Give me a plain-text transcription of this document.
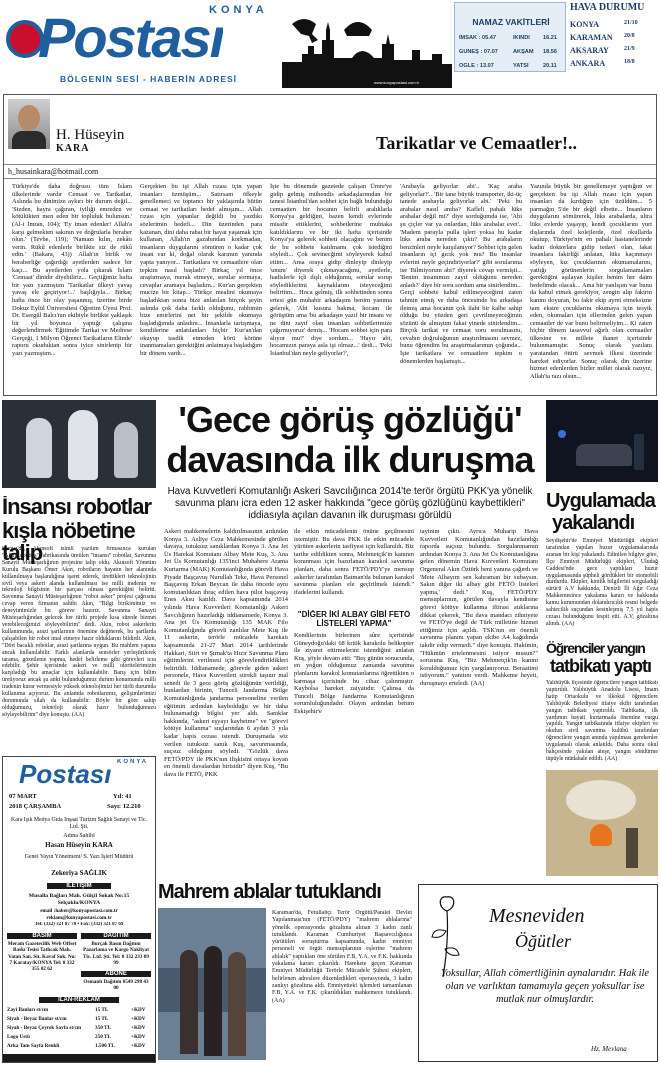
KONYA
Postası
BÖLGENİN SESİ - HABERİN ADRESİ	www.konyapostasi.com.tr
NAMAZ VAKİTLERİ
İMSAK : 05.47	İKİNDİ 16.21
GÜNEŞ : 07.07	AKŞAM 18.56
ÖĞLE : 13.07	YATSI	20.11
HAVA DURUMU
KONYA	21/10
KARAMAN 20/8
AKSARAY	21/9
ANKARA	18/8
H. Hüseyin
KARA	Tarikatlar ve Cemaatler!..
h_husainkara@hotmail.com
Türkiye'de daha doğrusu tüm İslam ülkelerinde vardır Cemaat ve Tarikatlar, Aslında bu dinimize aykırı bir durum değil... 'Sizden, hayra çağıran, iyiliği emreden ve kötülükten men eden bir topluluk bulunsun.' (Al-i İmran, 104); 'Ey iman edenler! Allah'a karşı gelmekten sakının ve doğrularla beraber olun.' (Tevbe, 119); 'Namazı kılın, zekâtı verin. Rükû edenlerle birlikte siz de rükû edin.' (Bakara, 43)) Allah'ın birlik ve beraberliğe çağırdığı ayetlerden sadece bir kaçı... Bu ayetlerden yola çıkarak İslam 'Cemaat' dinidir diyebiliriz... Geçtiğimiz hafta bir yazı yazmıştım 'Tarikatlar ülkeyi yavaş yavaş ele geçiriyor!...' başlığıyla... Birkaç hafta önce bir olay yaşanmış, üzerine birde Dokuz Eylül Üniversitesi Öğretim Üyesi Prof. Dr. Esergül Balcı'nın ekibiyle birlikte yaklaşık bir yıl boyunca yaptığı çalışma değerlendirmek 'Eğitimde Tarikat ve Medrese Gerçeği, 1 Milyon Öğrenci Tarikatların Elinde' raporu okuduktan sonra iyice sinirlenip bir yazı yazmıştım...
Gerçekten bu işi Allah rızası için yapan insanları üzmüşüm... Satırsam öfkeyle genellemeci ve toptancı bir yaklaşımla bütün cemaat ve tarikatları hedef almışım... Allah rızası için yapanlar değildi bu yazdıkı sözlerimin hedefi... Din üzerinden para kazanan, dini daha rahat bir hayat yaşamak için kullanan, Allah'ın gazabından korkmadan, insanların duygularını sömüren o kadar çok insan var ki, doğal olarak karımın yanında yapta yanıyor... Tarikatlara ve cemaatlere olan tepkim nasıl başladı? Birkaç yıl önce araştırmaya, merak etmeye, sorular sormaya, cevaplar aramaya başladım... Kur'an gerçekten mucize bir kitap... Türkçe mealini okumaya başladıktan sonra bize anlatılan birçok şeyin aslında çok daha farklı olduğunu, rabbimin bize emirlerini net bir şekilde okumaya başladığımda anladım... İnsanlarla tartışmaya, kendilerine anlatılanları hiçbir Kur'an'dan okuyup tasdik etmeden körü körüne inanmamaları gerektiğini anlatmaya başladığım bir dönem vardı...
İşte bu dönemde gazetede çalışan Ümre'ye gidip gelmiş mühendis arkadaşlarımdan bir tanesi İstanbul'dan sohbet için bağlı bulunduğu cemaatten bir hocanın belirli aralıklarla Konya'ya geldiğini, bazen kendi evlerinde misafir ettiklerini, sohbetlerine muhtaka katıldıklarını ve bir iki hafta içerisinde Konya'ya gelerek sohbeti olacağını ve benim de bu sohbete katılmamı çok istediğini söyledi... Çok sevinecğimi söyleyerek kabul ettim... Ama oraya gidip dinleyip dinleyip 'unum' diyerek çıkmayacağımı, ayetlerle, hadislerle içli dışlı olduğumu, sorular sorup söylediklerimi kaynaklarını isteyeceğimi belirttim... Hoca gelmiş, ilk sohbetinden sonra ertesi gün muhabir arkadaşım benim yanıma gelerek, 'Abi kusura bakma, hocam ile görüştüm ama 'bu arkadaşın yazıf bir insanı ve ne dini zayıf olan insanları sohbetlerimize çağırmıyoruz' demiş... 'Hocam sohbet için para alıyor mu?' diye sordum... 'Hayır abi, hocamızın paraya asla işi olmaz...' dedi... 'Peki İstanbul'dan neyle geliyorlar?',
'Arabayla geliyorlar abi'.. 'Kaç araba geliyorlar?'.. 'Bir tane büyük transporter, iki-üç tanede arabayla geliyorlar abi.' 'Peki bu arabalar nasıl anıha? Kafleli pahalı lüks arabalar değil mi?' diye sorduğumda ise, 'Abi şu çiçler var ya onlardan, lüks arabalar evet'.. 'Madem parayla pulla işleri yoksa bu kadar lüks araba nereden çıktı? Bu arabaların benzinleri neyle karşılanıyor? Sohbet için gelen insanların içi gıcık yok mu? Bu insanlar evlerini neyle geçindiriyorlar?' gibi sorularıma ise 'Bilmiyorum abi!' diyerek cevap vermişti... 'Benim insanımızı zayıf olduğunu nereden anladı?' diye bir soru sordum ama sinirlendim... Gerçi sohbete kabul edilmeyeceğimi zaten tahmin etmiş ve daha öncesinde bu arkadaşa iletmiş ama hocanın çok ilahi bir kalbe sahip olduğu bu yüzden geri çevrilmeyeceğimin sözünü de almıştım fakat yinede sinirlendim... Birçok tarikat ve cemaat soru sorulmasını, cevabın doğruluğunun araştırılmasını sevmez, bunu öğrendim bu araştırmalarımın çoğunda... İşte tarikatlara ve cemaatlere tepkim o dönemlerden başlamıştı...
Yazında büyük bir genellemeye yaptığım ve gerçekten bu işi Allah rızası için yapan insanları da kırdığım için üzüldüm... 5 parmağın 5'de bir değil elbette... İnsanların duygularını sömürerek, lüks arabalarda, ultra lüks evlerde yaşayıp, kendi çocuklarını yurt dışlarında özel kolejlerde, özel okullarda okutup, Türkiye'nin en pahalı hastanelerinde kadın doktorlara gidip tedavi olan, fakat insanlara fakirliği anlatan, lüks kaçınmayı söyleyen, kız çocuklarının okumamalarını, yattığı görünenlerin sorgulamamaları gerektiğini aşılayan kişiler benim her daim hedefimde olacak... Ama bir yanlışım var bunu da kabul etmek gerekiyor, zengin alıp fakirin kanını doyuran, bu fakir ekip ayret etmeksizne tam ekstre çocuklarını okumaya için tesyik eden, okumaları için ellerinden gelen yapan cemaatler de var bunu belirmeliyim... Ki zaten hiçbir dönem tasavvuf ağırlı olan cemaatler ülkesine ve millete ihanet içerisinde bulunmamıştır. Sonuç olarak yazılanı yaratandan ötürü sevmek ilkesi üzerinde hareket ediyorlar. Sonuç olarak din üzerine hizmet edenlerden bizler millet olarak razıyız, Allah'ta razı olsun...
'Gece görüş gözlüğü'
davasında ilk duruşma
Hava Kuvvetleri Komutanlığı Askeri Savcılığınca 2014'te terör örgütü PKK'ya yönelik savunma planı icra eden 12 asker hakkında "gece görüş gözlüğünü kaybettikleri" iddiasıyla açılan davanın ilk duruşması görüldü
Askeri mahkemelerin kaldırılmasının ardından Konya 3. Asliye Ceza Mahkemesinde görülen davaya, tutuksuz sanıklardan Konya 3. Ana Jet Üs Harekat Komutanı Albay Mete Kuş, 3. Ana Jet Üs Komutanlığı 135'inci Muhabere Arama Kurtarma (MAK) Komutanlığında görevli Hava Piyade Başçavuş Nurullah Teke, Hava Personel Başçavuş Erkan Beycan ile daha öncede aynı komutanlıktan ihraç edilen hava pilot başçavuş Enes Aksu katıldı. Dava kapsamında 2014 yılında Hava Kuvvetleri Komutanlığı Askeri Savcılığının hazırladığı iddianamede, Konya 3. Ana jet Üs Komutanlığı 135 MAK Filo Komutanlığında görevli zanlılar Mete Kuş ile 11 askerin, terörle mücadele harekatı kapsamında 21-27 Mart 2014 tarihlerinde Hakkari, Siirt ve Şırnak'ta Hızır Savunma Planı eğitimlerini verilmesi için görevlendirildikleri belirtildi. İddianamede, görevde giden askeri personele, Hava Kuvvetleri sürekli taşınır mal senedi ile 3 gece görüş gözlüğünün verildiği, bunlardan birinin, Tunceli Jandarma Bölge Komutanlığında jandarma personeline verilen eğitimin ardından kaybolduğu ve bir daha bulunamadığı bilgisi yer aldı. Sanıklar hakkında, "askeri eşyayı kaybetme" ve "görevi kötüye kullanma" suçlarından 6 aydan 3 yıla kadar hapis cezası istendi. Duruşmada söz verilen tutuksuz sanık Kuş, savunmasında, suçsuz olduğunu söyledi. "Gözlük dava FETÖ/PDY ile PKK'nın ilişkisini ortaya koyan en önemli davalardan birisidir" diyen Kuş, "Bu dava ile FETÖ, PKK
ile etkin mücadelenin önüne geçilmesini istemiştir. Bu dava PKK ile etkin mücadele yürüten askerlerin tasfiyesi için kullanıldı. Biz tarihe edildikten sonra, Mehmetçik'in kanının korunması için hazırlanan karakol savunma planları, daha sonra FETÖ/PDY'ye mensup askerler tarafından Batman'da bulunan karakol savunma planları ele geçirilmek istendi." ifadelerini kullandı.
"DİĞER İKİ ALBAY GİBİ FETÖ LİSTELERİ YAPMA"
Kendilerinin birlerinen sûre içerisinde Güneydoğu'daki 68 kritik karakolu helikopter ile ziyaret ettirmelerini istendiğini anlatan Kuş, şöyle devam etti: "Beş günün sonucunda, en yoğun olduğumuz zamanda savunma planlarını karakol komutanlarına öğrettikten o karmaşa içerisinde bu cihaz çalınmıştır. Kaybolsa hareket zaiyatıdır. Çalınsa da Tunceli Bölge Jandarma Komutanlığının sorumluluğundadır. Olayın ardından benim Eskişehir'e
tayinim çıktı. Ayrıca Muharip Hava Kuvvetleri Komutanlığından hazırlandığı raporda suçsuz bulundu. Sorgulanmamın ardından Konya 3. Ana Jet Üs Komutanlığına gelen dönemin Hava Kuvvetleri Komutanı Orgeneral Akın Öztürk beni yanına çağırdı ve 'Mete Albayım sen kahraman bir subaysın. Sakın diğer iki albay gibi FETÖ listeleri yapma,' dedi." Kuş, FETÖ/PDY mensuplarının, görülen davayla kendisine görevi kötüye kullanma iftirası atıklarına dikkat çekerek, "Bu dava mandacı zihniyete ve FETÖ'ye değil de Türk milletine hizmet ettiğimiz için açıldı. TSK'nın en önemli savunma planını yapan ekibe A4 kağıdında takdir edip vermedi." diye konuştu. Hakimin, "Hükmün ertelenmesini istiyor musun?" sorusuna Kuş, "Biz Mehmetçik'in kanını korulduğumuz için yargılanıyoruz. Beraatimi istiyorum." yanıtını verdi. Mahkeme heyeti, duruşmayı erteledi. (AA)
İnsansı robotlar
kışla nöbetine talip
Konya'da, Akınsoft isimli yazılım firmasınca kurulan "AkınRobotics" fabrikasında üretilen "insansı" robotlar, Savunma Sanayii Müsteşarlığının projesine talip oldu. Akınsoft Yönetim Kurulu Başkanı Ömer Akın, robotların hayatın her alanında kullanılmaya başlandığına işaret ederek, ürettikleri teknolojinin sivil veya askeri alanda kullanılması ise milli iradenin ve teknoloji bilgisinin bir parçası olması gerektiğini belirtti. Savunma Sanayii Müsteşarlığının "robot asker" projesi çağrısına cevap veren firmanın sahibi Akın, "Bilgi birikimimiz ve deneyimimizle bu göreve hazırız. Savunma Sanayii Müsteşarlığından gelecek her türlü projede kısa sürede hizmet verebileceğimizi söyleyebilirim" dedi. Akın, robot askerlerin kullanımında, arazi şartlarının önemine değinerek, bu şartlarda çalışabilen bir robot imal etmeye hazır olduklarını bildirdi. Akın, "Dört bacaklı robotlar, arazi şartlarına uygun. Bu mahlem yapına ancak kullanılabilir. Farklı alanlarda sensörler yerleştirilerek tarama, gözetleme yapma, hedef belirleme gibi görevleri icra edebilir. Şehir içerisinde askeri ve milli otoritelerimizin karşıladığı bu amaçlar için kullanılabilir. Barış için bilim üretiyoruz ancak şu anki bulunduğumuz durum konumunda milli iradenin kurar vermesiyle yüksek teknolojimizi her türlü durumda kullanıma açıyoruz. Bu anlamda robotlarımız, gelişimlerimizi durumunda silah da kullanabilir. Böyle bir göre sahip olduğumuzu, teknoloji olarak hazır bulunduğumuzu söyleyebilirim" diye konuştu. (AA)
Uygulamada
yakalandı
Seydişehir'de Emniyet Müdürlüğü ekipleri tarafından yapılan huzur uygulamalarında aranan bir kişi yakalandı. Edinilen bilgiye göre, İlçe Emniyet Müdürlüğü ekipleri, Uludağ Caddesi'nde gece yaptıkları huzur uygulamasında şüpheli gördükleri bir otomobili durdurdu. Ekipler, kimlik bilgilerini sorguladığı sürücü A.V hakkında, Denizli İli Ağır Ceza Mahkemesince yakalama kararı ve hakkında kamu kurumundan dolandırıcılık resmi belgede sahtecilik suçundan kesinleşmiş 7,5 yıl hapis cezası bulunduğunu tespit etti. A.V, gözaltına alındı. (AA)
Öğrenciler yangın
tatbikatı yaptı
Yalıhüyük ilçesinde öğrencilere yangın tatbikatı yaptırıldı. Yalıhüyük Anadolu Lisesi, İmam hatip Ortaokulu ve ilkokul öğrencilere Yalıhüyük Belediyesi itfaiye ekibi tarafından yangın tatbikatı yaptırıldı. Tatbikatta, ilk yardımın hayati kurtarmada önemine vurgu yapıldı. Yangın tatbikatında itfaiye ekipleri ve okulun sivil savunma kulübü tarafından öğrencilere yangın anında yapılması gerekenler uygulamalı olarak anlatıldı. Daha sonra okul bahçesinde yakılan ateşe, yangın söndürme tüpüyle müdahale edildi. (AA)
KONYA
Postası
07 MART	Yıl: 41
2018 ÇARŞAMBA	Sayı: 12.210
Kara Işık Medya Gıda İnşaat Turizm Sağlık Sanayi ve Tic. Ltd. Şti.
Adına Sahibi
Hasan Hüseyin KARA
Genel Yayın Yönetmeni/ S. Yazı İşleri Müdürü
Zekeriya SAĞLIK
İLETİŞİM
Musalla Bağları Mah. Gülçil Sokak No:15 Selçuklu/KONYA
email :haber@konyapostasi.com.tr
reklam@konyapostasi.com.tr
Tel: (332) 321 87 70 • Fax: (332) 321 87 69
BASIM
Meram Gazetecilik Web Offset Baskı Tesisi Tatlıcak Mah. Vatan San. Sit. Kavaf Sok. No: 7 Karatay/KONYA Tel: 0 332 355 02 62
DAĞITIM
Burçak Basın Dağıtım Pazarlama ve Kargo Nakliyat Tic. Ltd. Şti. Tel: 0 332 233 09 99
ABONE
Osmanlı Dağıtım 0549 298 43 00
İLAN-REKLAM
Zayi İlanları st/cm	15 TL	+KDV
Siyah - Beyaz İlanlar st/cm	15 TL	+KDV
Siyah - Beyaz Çeyrek Sayfa st/cm	350 TL	+KDV
Logo Üstü	250 TL	+KDV
Arka Tam Sayfa Renkli	1.500 TL	+KDV
Mahrem ablalar tutuklandı
Karaman'da, Fetullahçı Terör Örgütü/Paralel Devlet Yapılanması'nın (FETÖ/PDY) "mahrem ablalarına" yönelik operasyonda gözaltına alınan 3 kadın zanlı tutuklandı. Karaman Cumhuriyet Başsavcılığınca yürütülen soruşturma kapsamında, kadın emniyet personeli ve örgüt mensuplarının eşlerine "mahrem ablalık" yaptıkları öne sürülen F.B, Y.A. ve F.K. hakkında yakalama kararı çıkarıldı. Harekete geçen Karaman Emniyet Müdürlüğü Terörle Mücadele Şubesi ekipleri, belirlenen adreslere düzenledikleri operasyonda, 3 kadın zanlıyı gözaltına aldı. Emniyetteki işlemleri tamamlanan F.B, Y.A. ve F.K. çıkarıldıkları mahkemece tutuklandı. (AA)
Mesneviden
Öğütler
Yoksullar, Allah cömertliğinin aynalarıdır. Hak ile olan ve varlıktan tamamıyla geçen yoksullar ise mutlak nur olmuşlardır.
Hz. Mevlana
